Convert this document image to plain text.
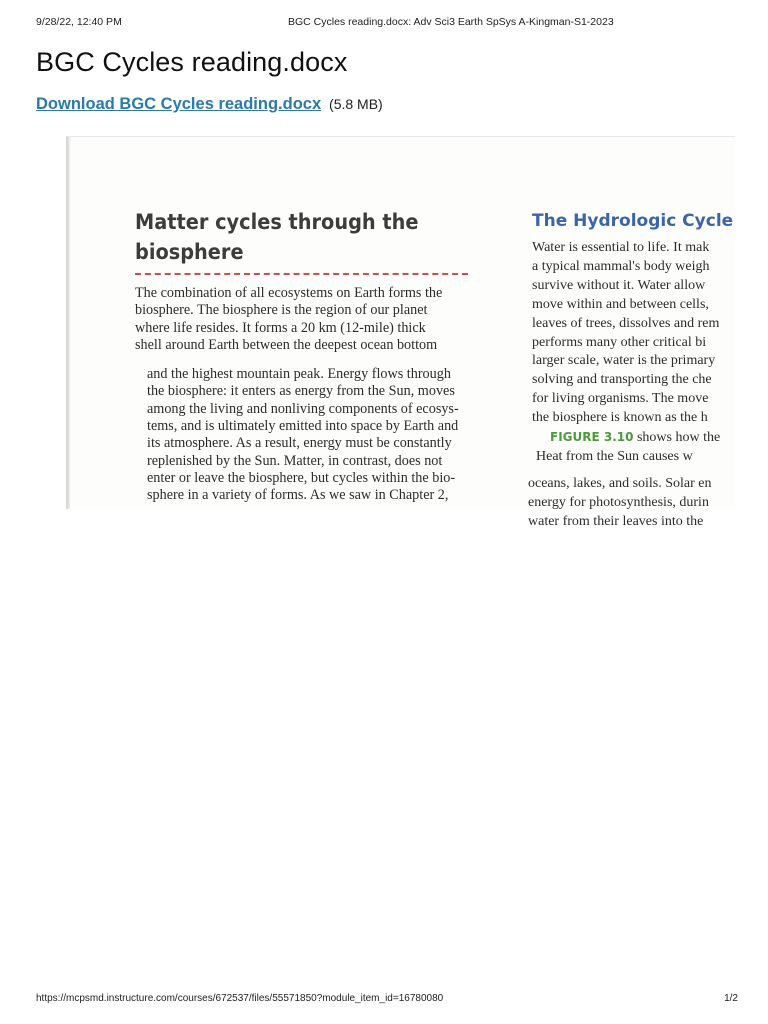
9/28/22, 12:40 PM	BGC Cycles reading.docx: Adv Sci3 Earth SpSys A-Kingman-S1-2023
BGC Cycles reading.docx
Download BGC Cycles reading.docx (5.8 MB)
Matter cycles through the
biosphere
The combination of all ecosystems on Earth forms the
biosphere. The biosphere is the region of our planet
where life resides. It forms a 20 km (12-mile) thick
shell around Earth between the deepest ocean bottom
and the highest mountain peak. Energy flows through
the biosphere: it enters as energy from the Sun, moves
among the living and nonliving components of ecosys-
tems, and is ultimately emitted into space by Earth and
its atmosphere. As a result, energy must be constantly
replenished by the Sun. Matter, in contrast, does not
enter or leave the biosphere, but cycles within the bio-
sphere in a variety of forms. As we saw in Chapter 2,
The Hydrologic Cycle
Water is essential to life. It mak
a typical mammal's body weigh
survive without it. Water allow
move within and between cells,
leaves of trees, dissolves and rem
performs many other critical bi
larger scale, water is the primary
solving and transporting the che
for living organisms. The move
the biosphere is known as the h
FIGURE 3.10 shows how the
Heat from the Sun causes w
oceans, lakes, and soils. Solar en
energy for photosynthesis, durin
water from their leaves into the
https://mcpsmd.instructure.com/courses/672537/files/55571850?module_item_id=16780080	1/2
